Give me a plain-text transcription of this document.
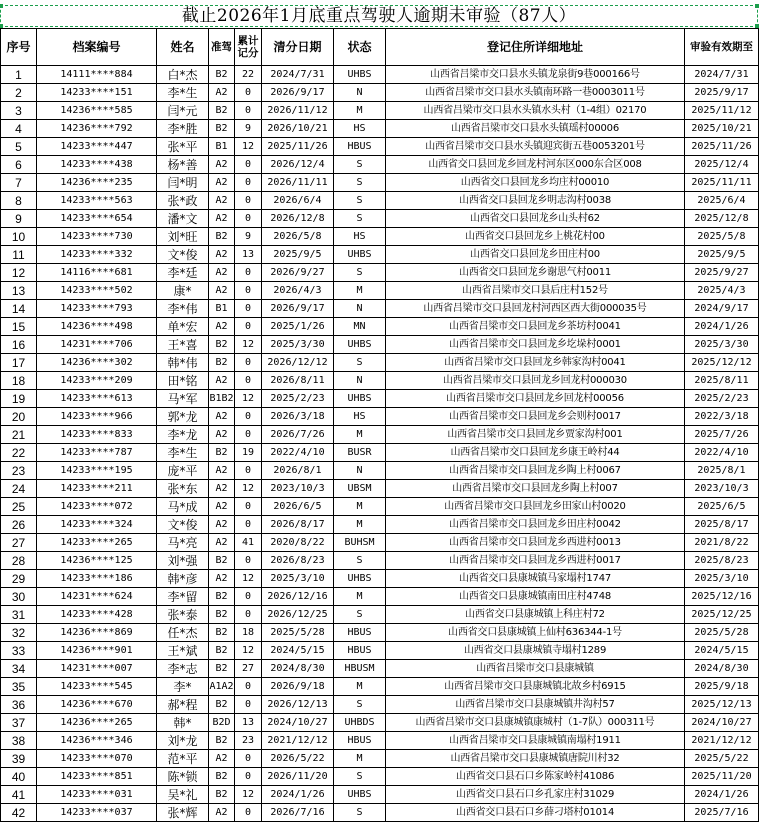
截止2026年1月底重点驾驶人逾期未审验（87人）
序号	档案编号	姓名	准驾	累计记分	清分日期	状态	登记住所详细地址	审验有效期至
1	14111****884	白*杰	B2	22	2024/7/31	UHBS	山西省吕梁市交口县水头镇龙泉街9巷000166号	2024/7/31
2	14233****151	李*生	A2	0	2026/9/17	N	山西省吕梁市交口县水头镇南环路一巷0003011号	2025/9/17
3	14236****585	闫*元	B2	0	2026/11/12	M	山西省吕梁市交口县水头镇水头村（1-4组）02170	2025/11/12
4	14236****792	李*胜	B2	9	2026/10/21	HS	山西省吕梁市交口县水头镇瑶村00006	2025/10/21
5	14233****447	张*平	B1	12	2025/11/26	HBUS	山西省吕梁市交口县水头镇迎宾街五巷0053201号	2025/11/26
6	14233****438	杨*善	A2	0	2026/12/4	S	山西省交口县回龙乡回龙村河东区000东合区008	2025/12/4
7	14236****235	闫*明	A2	0	2026/11/11	S	山西省交口县回龙乡均庄村00010	2025/11/11
8	14233****563	张*政	A2	0	2026/6/4	S	山西省交口县回龙乡明志沟村0038	2025/6/4
9	14233****654	潘*文	A2	0	2026/12/8	S	山西省交口县回龙乡山头村62	2025/12/8
10	14233****730	刘*旺	B2	9	2026/5/8	HS	山西省交口县回龙乡上桃花村00	2025/5/8
11	14233****332	文*俊	A2	13	2025/9/5	UHBS	山西省交口县回龙乡田庄村00	2025/9/5
12	14116****681	李*廷	A2	0	2026/9/27	S	山西省交口县回龙乡谢思气村0011	2025/9/27
13	14233****502	康*	A2	0	2026/4/3	M	山西省吕梁市交口县后庄村152号	2025/4/3
14	14233****793	李*伟	B1	0	2026/9/17	N	山西省吕梁市交口县回龙村河西区西大街000035号	2024/9/17
15	14236****498	单*宏	A2	0	2025/1/26	MN	山西省吕梁市交口县回龙乡茶坊村0041	2024/1/26
16	14231****706	王*喜	B2	12	2025/3/30	UHBS	山西省吕梁市交口县回龙乡圪垛村0001	2025/3/30
17	14236****302	韩*伟	B2	0	2026/12/12	S	山西省吕梁市交口县回龙乡韩家沟村0041	2025/12/12
18	14233****209	田*铭	A2	0	2026/8/11	N	山西省吕梁市交口县回龙乡回龙村000030	2025/8/11
19	14233****613	马*军	B1B2	12	2025/2/23	UHBS	山西省吕梁市交口县回龙乡回龙村00056	2025/2/23
20	14233****966	郭*龙	A2	0	2026/3/18	HS	山西省吕梁市交口县回龙乡会则村0017	2022/3/18
21	14233****833	李*龙	A2	0	2026/7/26	M	山西省吕梁市交口县回龙乡贾家沟村001	2025/7/26
22	14233****787	李*生	B2	19	2022/4/10	BUSR	山西省吕梁市交口县回龙乡康王岭村44	2022/4/10
23	14233****195	庞*平	A2	0	2026/8/1	N	山西省吕梁市交口县回龙乡陶上村0067	2025/8/1
24	14233****211	张*东	A2	12	2023/10/3	UBSM	山西省吕梁市交口县回龙乡陶上村007	2023/10/3
25	14233****072	马*成	A2	0	2026/6/5	M	山西省吕梁市交口县回龙乡田家山村0020	2025/6/5
26	14233****324	文*俊	A2	0	2026/8/17	M	山西省吕梁市交口县回龙乡田庄村0042	2025/8/17
27	14233****265	马*亮	A2	41	2020/8/22	BUHSM	山西省吕梁市交口县回龙乡西进村0013	2021/8/22
28	14236****125	刘*强	B2	0	2026/8/23	S	山西省吕梁市交口县回龙乡西进村0017	2025/8/23
29	14233****186	韩*彦	A2	12	2025/3/10	UHBS	山西省交口县康城镇马家塌村1747	2025/3/10
30	14231****624	李*留	B2	0	2026/12/16	M	山西省交口县康城镇南田庄村4748	2025/12/16
31	14233****428	张*泰	B2	0	2026/12/25	S	山西省交口县康城镇上科庄村72	2025/12/25
32	14236****869	任*杰	B2	18	2025/5/28	HBUS	山西省交口县康城镇上仙村636344-1号	2025/5/28
33	14236****901	王*斌	B2	12	2024/5/15	HBUS	山西省交口县康城镇寺塌村1289	2024/5/15
34	14231****007	李*志	B2	27	2024/8/30	HBUSM	山西省吕梁市交口县康城镇	2024/8/30
35	14233****545	李*	A1A2	0	2026/9/18	M	山西省吕梁市交口县康城镇北故乡村6915	2025/9/18
36	14236****670	郝*程	B2	0	2026/12/13	S	山西省吕梁市交口县康城镇井沟村57	2025/12/13
37	14236****265	韩*	B2D	13	2024/10/27	UHBDS	山西省吕梁市交口县康城镇康城村（1-7队）000311号	2024/10/27
38	14236****346	刘*龙	B2	23	2021/12/12	HBUS	山西省吕梁市交口县康城镇南塌村1911	2021/12/12
39	14233****070	范*平	A2	0	2026/5/22	M	山西省吕梁市交口县康城镇唐院川村32	2025/5/22
40	14233****851	陈*锁	B2	0	2026/11/20	S	山西省交口县石口乡陈家岭村41086	2025/11/20
41	14233****031	吴*礼	B2	12	2024/1/26	UHBS	山西省交口县石口乡孔家庄村31029	2024/1/26
42	14233****037	张*辉	A2	0	2026/7/16	S	山西省交口县石口乡薛刁塔村01014	2025/7/16
